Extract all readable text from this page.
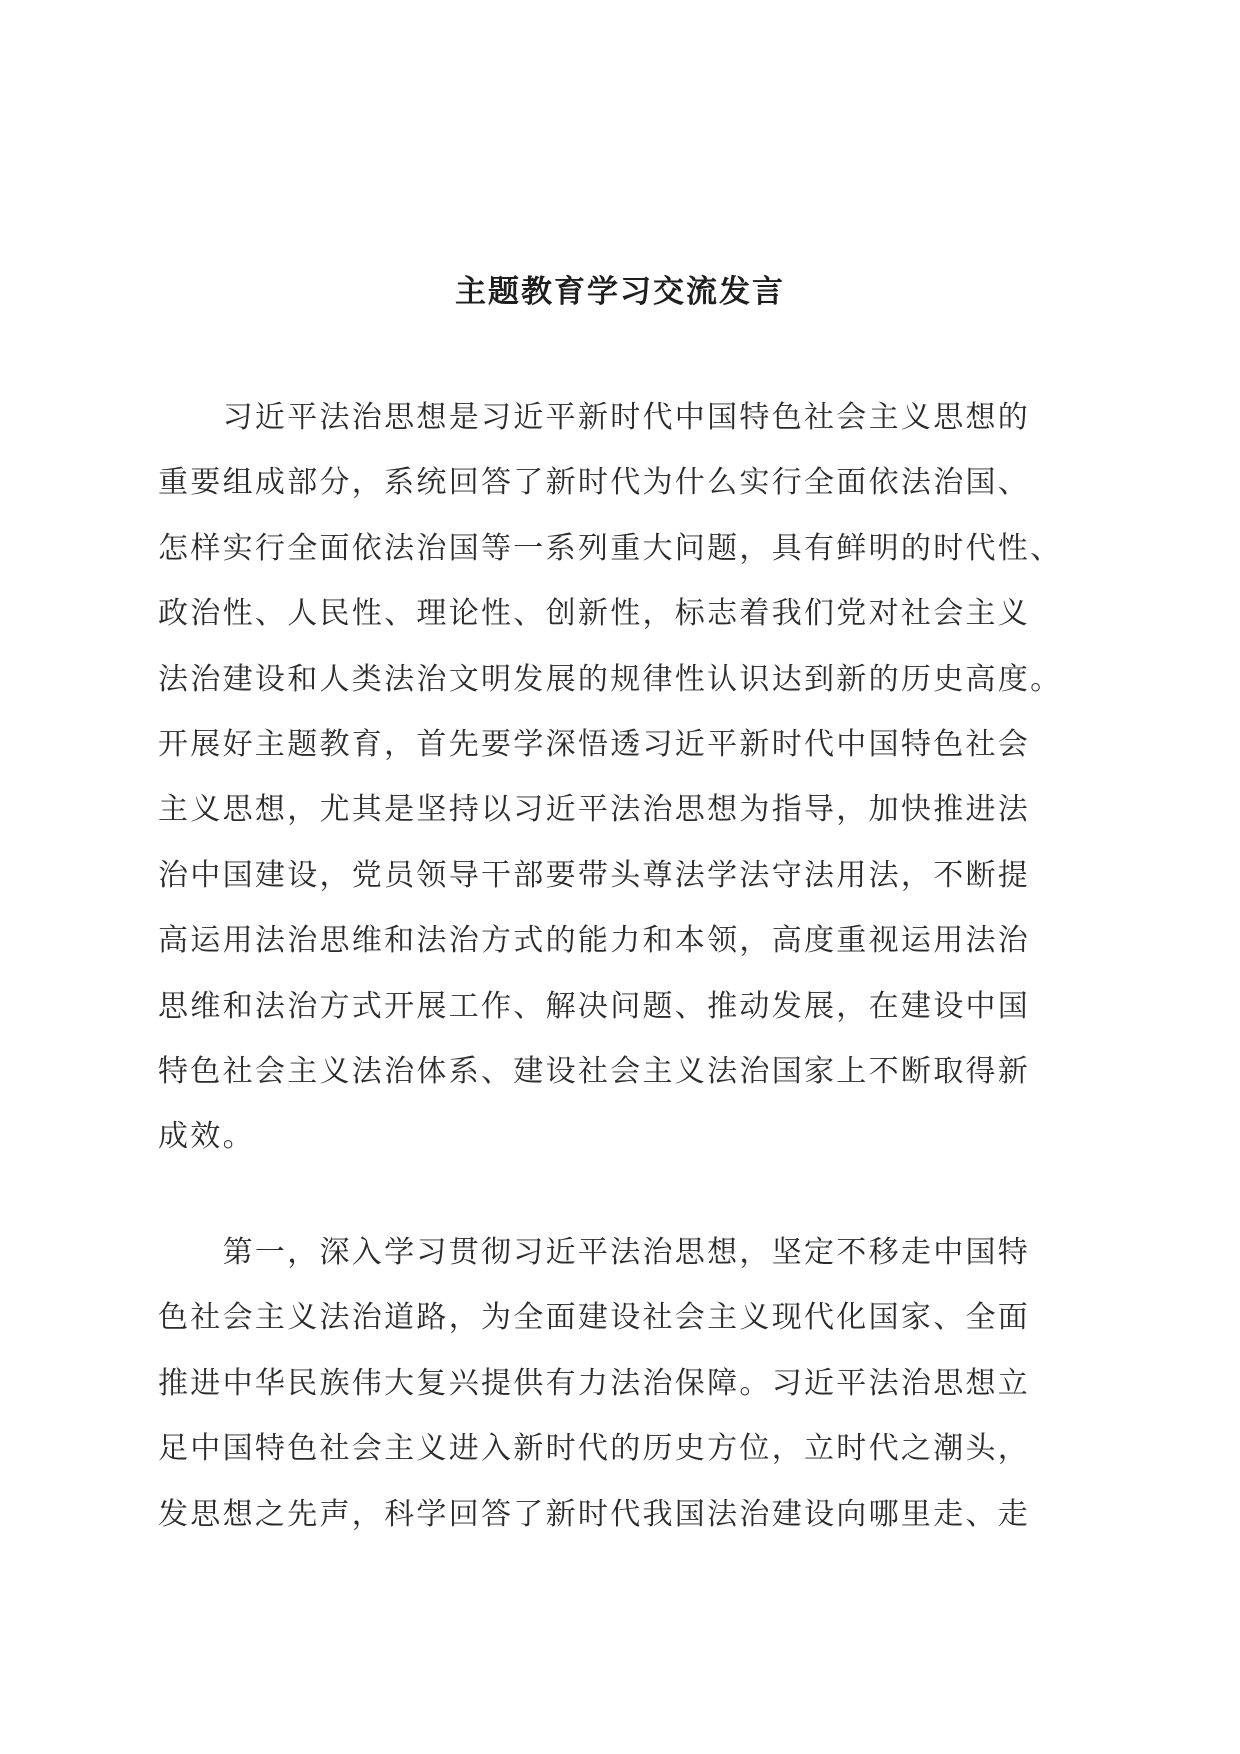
主题教育学习交流发言
　　习近平法治思想是习近平新时代中国特色社会主义思想的
重要组成部分，系统回答了新时代为什么实行全面依法治国、
怎样实行全面依法治国等一系列重大问题，具有鲜明的时代性、
政治性、人民性、理论性、创新性，标志着我们党对社会主义
法治建设和人类法治文明发展的规律性认识达到新的历史高度。
开展好主题教育，首先要学深悟透习近平新时代中国特色社会
主义思想，尤其是坚持以习近平法治思想为指导，加快推进法
治中国建设，党员领导干部要带头尊法学法守法用法，不断提
高运用法治思维和法治方式的能力和本领，高度重视运用法治
思维和法治方式开展工作、解决问题、推动发展，在建设中国
特色社会主义法治体系、建设社会主义法治国家上不断取得新
成效。
　　第一，深入学习贯彻习近平法治思想，坚定不移走中国特
色社会主义法治道路，为全面建设社会主义现代化国家、全面
推进中华民族伟大复兴提供有力法治保障。习近平法治思想立
足中国特色社会主义进入新时代的历史方位，立时代之潮头，
发思想之先声，科学回答了新时代我国法治建设向哪里走、走
